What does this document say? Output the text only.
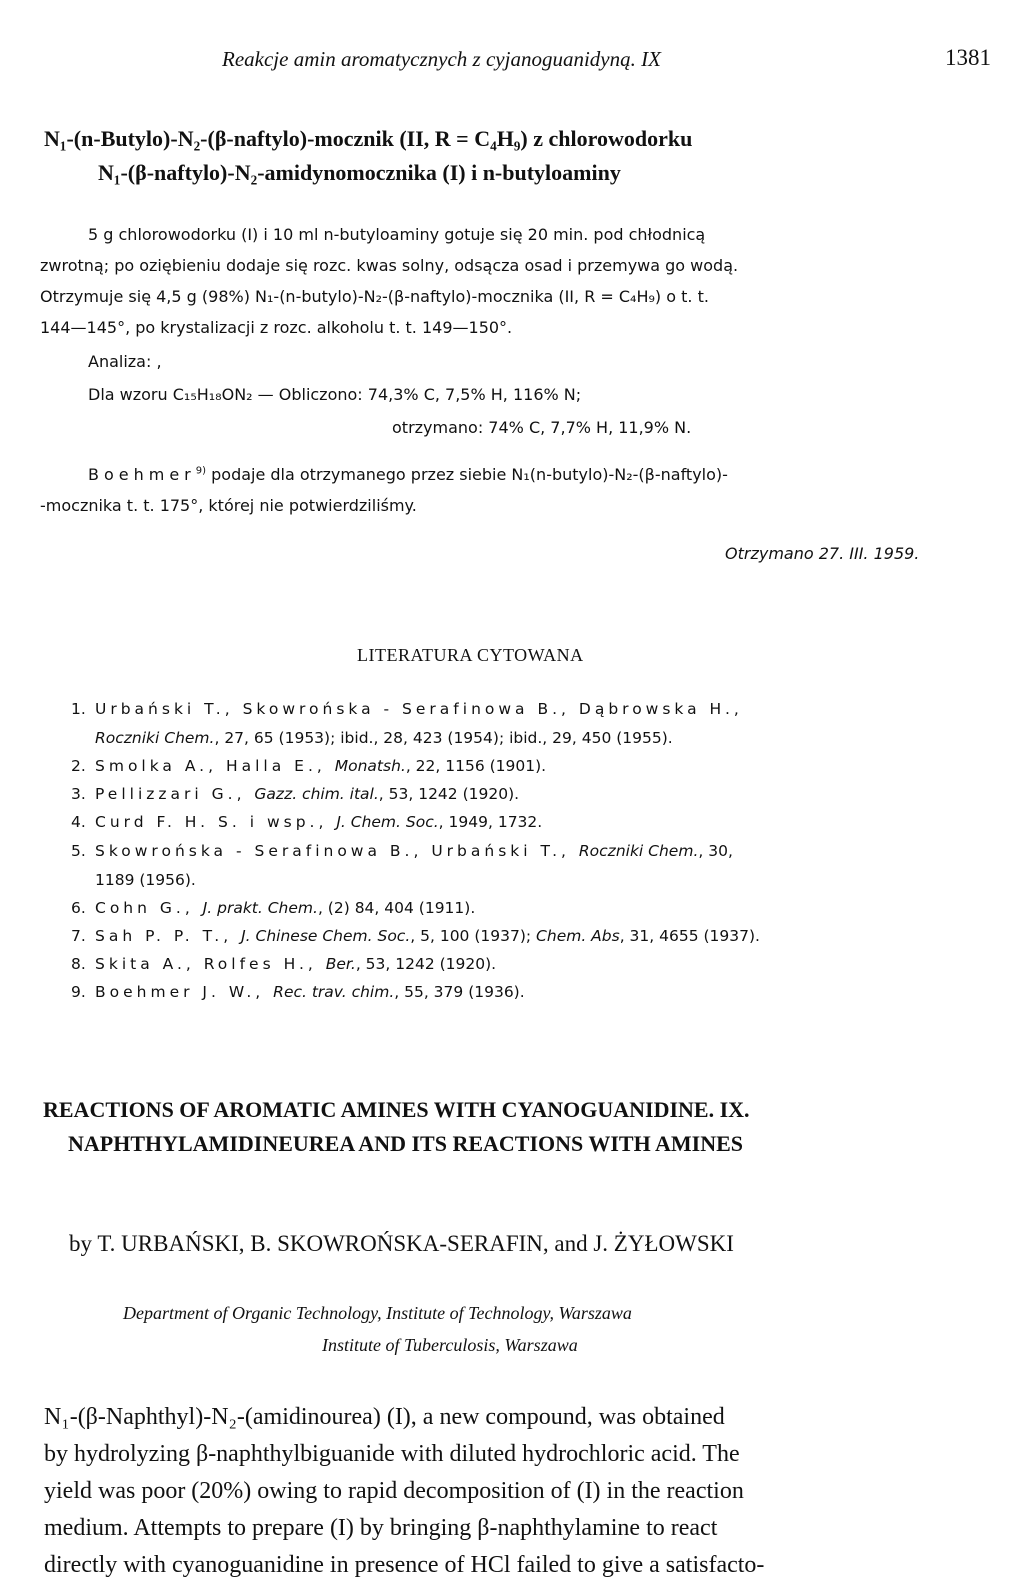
Reakcje amin aromatycznych z cyjanoguanidyną. IX	1381
N₁-(n-Butylo)-N₂-(β-naftylo)-mocznik (II, R = C₄H₉) z chlorowodorku
N₁-(β-naftylo)-N₂-amidynomocznika (I) i n-butyloaminy
5 g chlorowodorku (I) i 10 ml n-butyloaminy gotuje się 20 min. pod chłodnicą
zwrotną; po oziębieniu dodaje się rozc. kwas solny, odsącza osad i przemywa go wodą.
Otrzymuje się 4,5 g (98%) N₁-(n-butylo)-N₂-(β-naftylo)-mocznika (II, R = C₄H₉) o t. t.
144—145°, po krystalizacji z rozc. alkoholu t. t. 149—150°.
Analiza: ,
Dla wzoru C₁₅H₁₈ON₂ — Obliczono: 74,3% C, 7,5% H, 116% N;
otrzymano: 74% C, 7,7% H, 11,9% N.
Boehmer$^{9)}$ podaje dla otrzymanego przez siebie N₁(n-butylo)-N₂-(β-naftylo)-
-mocznika t. t. 175°, której nie potwierdziliśmy.
Otrzymano 27. III. 1959.
LITERATURA CYTOWANA
1. Urbański T., Skowrońska - Serafinowa B., Dąbrowska H.,
Roczniki Chem., 27, 65 (1953); ibid., 28, 423 (1954); ibid., 29, 450 (1955).
2. Smolka A., Halla E., Monatsh., 22, 1156 (1901).
3. Pellizzari G., Gazz. chim. ital., 53, 1242 (1920).
4. Curd F. H. S. i wsp., J. Chem. Soc., 1949, 1732.
5. Skowrońska - Serafinowa B., Urbański T., Roczniki Chem., 30,
1189 (1956).
6. Cohn G., J. prakt. Chem., (2) 84, 404 (1911).
7. Sah P. P. T., J. Chinese Chem. Soc., 5, 100 (1937); Chem. Abs, 31, 4655 (1937).
8. Skita A., Rolfes H., Ber., 53, 1242 (1920).
9. Boehmer J. W., Rec. trav. chim., 55, 379 (1936).
REACTIONS OF AROMATIC AMINES WITH CYANOGUANIDINE. IX.
NAPHTHYLAMIDINEUREA AND ITS REACTIONS WITH AMINES
by T. URBAŃSKI, B. SKOWROŃSKA-SERAFIN, and J. ŻYŁOWSKI
Department of Organic Technology, Institute of Technology, Warszawa
Institute of Tuberculosis, Warszawa
N₁-(β-Naphthyl)-N₂-(amidinourea) (I), a new compound, was obtained
by hydrolyzing β-naphthylbiguanide with diluted hydrochloric acid. The
yield was poor (20%) owing to rapid decomposition of (I) in the reaction
medium. Attempts to prepare (I) by bringing β-naphthylamine to react
directly with cyanoguanidine in presence of HCl failed to give a satisfacto-
